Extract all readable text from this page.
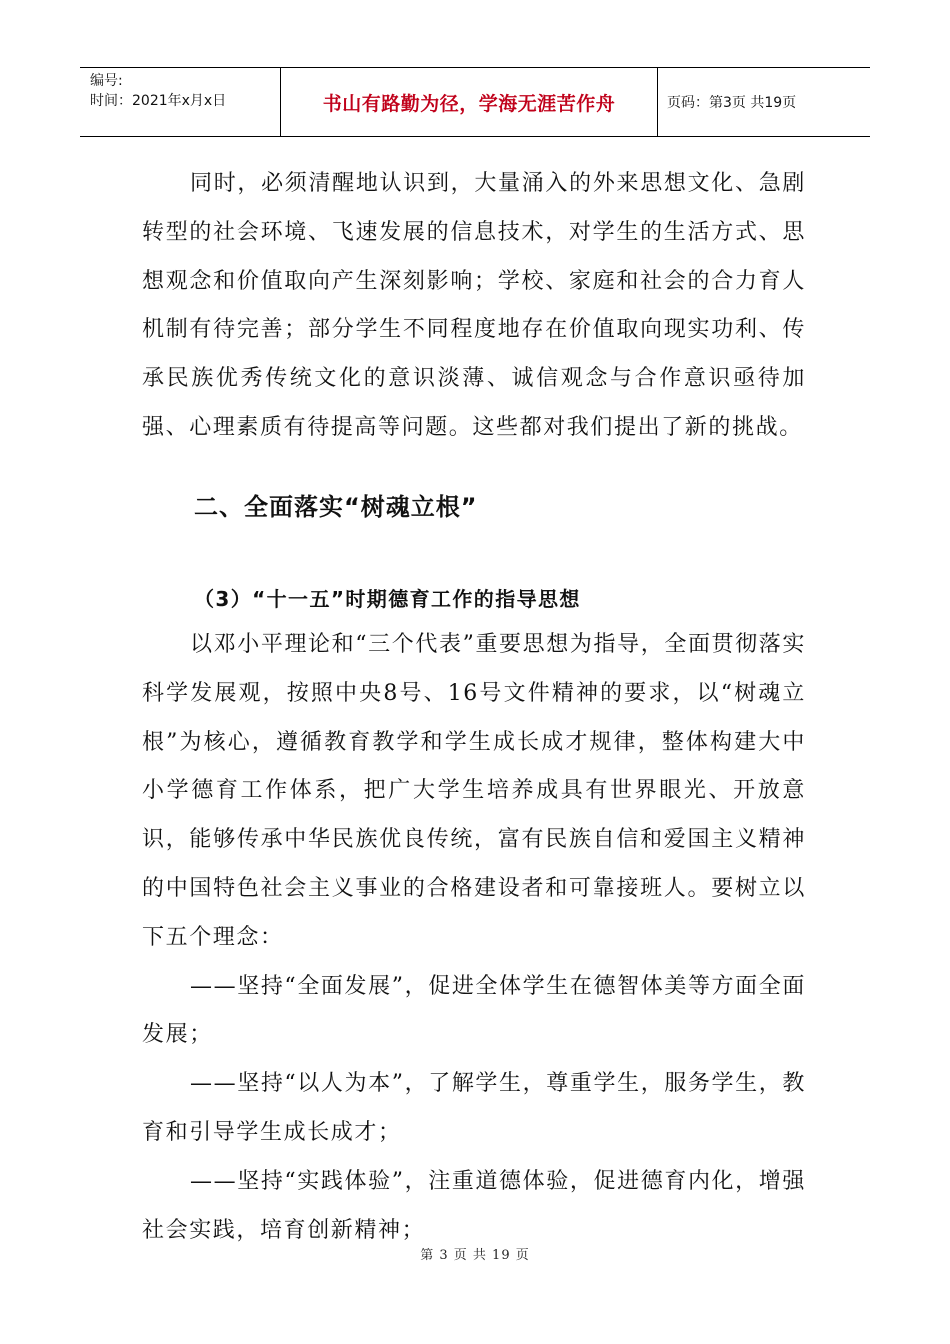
编号:
时间：2021年x月x日	书山有路勤为径，学海无涯苦作舟	页码：第3页 共19页

同时，必须清醒地认识到，大量涌入的外来思想文化、急剧转型的社会环境、飞速发展的信息技术，对学生的生活方式、思想观念和价值取向产生深刻影响；学校、家庭和社会的合力育人机制有待完善；部分学生不同程度地存在价值取向现实功利、传承民族优秀传统文化的意识淡薄、诚信观念与合作意识亟待加强、心理素质有待提高等问题。这些都对我们提出了新的挑战。

二、全面落实“树魂立根”
（3）“十一五”时期德育工作的指导思想

以邓小平理论和“三个代表”重要思想为指导，全面贯彻落实科学发展观，按照中央8号、16号文件精神的要求，以“树魂立根”为核心，遵循教育教学和学生成长成才规律，整体构建大中小学德育工作体系，把广大学生培养成具有世界眼光、开放意识，能够传承中华民族优良传统，富有民族自信和爱国主义精神的中国特色社会主义事业的合格建设者和可靠接班人。要树立以下五个理念：

——坚持“全面发展”，促进全体学生在德智体美等方面全面发展；

——坚持“以人为本”，了解学生，尊重学生，服务学生，教育和引导学生成长成才；

——坚持“实践体验”，注重道德体验，促进德育内化，增强社会实践，培育创新精神；

第 3 页 共 19 页
